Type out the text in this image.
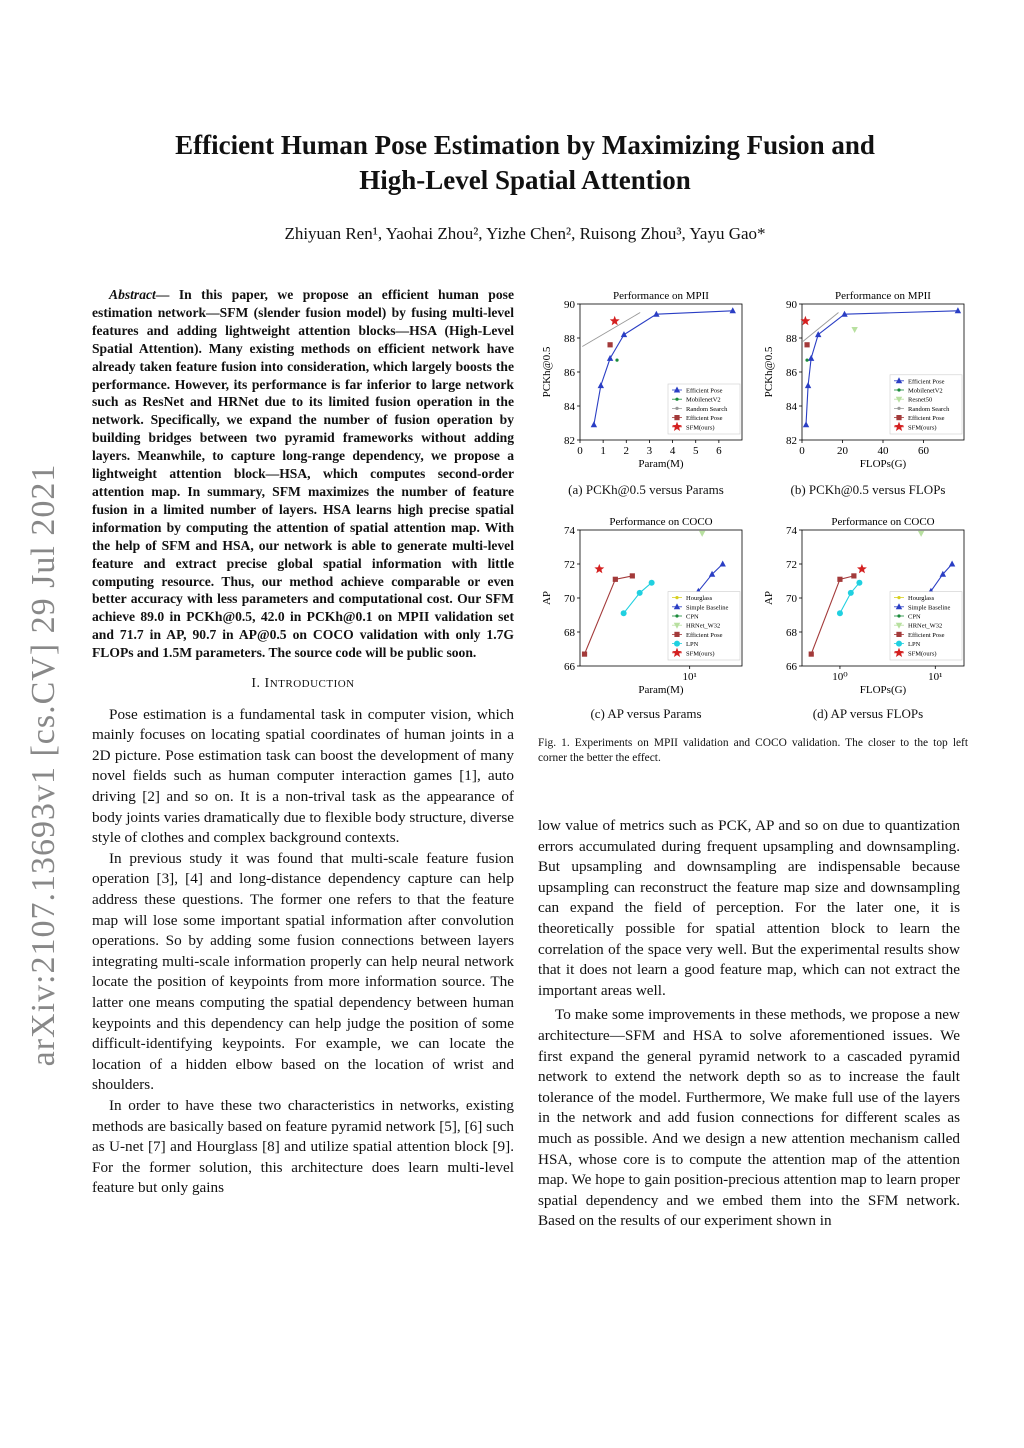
arXiv:2107.13693v1 [cs.CV] 29 Jul 2021
Efficient Human Pose Estimation by Maximizing Fusion and
High-Level Spatial Attention
Zhiyuan Ren¹, Yaohai Zhou², Yizhe Chen², Ruisong Zhou³, Yayu Gao*

Abstract— In this paper, we propose an efficient human pose estimation network—SFM (slender fusion model) by fusing multi-level features and adding lightweight attention blocks—HSA (High-Level Spatial Attention). Many existing methods on efficient network have already taken feature fusion into consideration, which largely boosts the performance. However, its performance is far inferior to large network such as ResNet and HRNet due to its limited fusion operation in the network. Specifically, we expand the number of fusion operation by building bridges between two pyramid frameworks without adding layers. Meanwhile, to capture long-range dependency, we propose a lightweight attention block—HSA, which computes second-order attention map. In summary, SFM maximizes the number of feature fusion in a limited number of layers. HSA learns high precise spatial information by computing the attention of spatial attention map. With the help of SFM and HSA, our network is able to generate multi-level feature and extract precise global spatial information with little computing resource. Thus, our method achieve comparable or even better accuracy with less parameters and computational cost. Our SFM achieve 89.0 in PCKh@0.5, 42.0 in PCKh@0.1 on MPII validation set and 71.7 in AP, 90.7 in AP@0.5 on COCO validation with only 1.7G FLOPs and 1.5M parameters. The source code will be public soon.

I. INTRODUCTION

Pose estimation is a fundamental task in computer vision, which mainly focuses on locating spatial coordinates of human joints in a 2D picture. Pose estimation task can boost the development of many novel fields such as human computer interaction games [1], auto driving [2] and so on. It is a non-trival task as the appearance of body joints varies dramatically due to flexible body structure, diverse style of clothes and complex background contexts.

In previous study it was found that multi-scale feature fusion operation [3], [4] and long-distance dependency capture can help address these questions. The former one refers to that the feature map will lose some important spatial information after convolution operations. So by adding some fusion connections between layers integrating multi-scale information properly can help neural network locate the position of keypoints from more information source. The latter one means computing the spatial dependency between human keypoints and this dependency can help judge the position of some difficult-identifying keypoints. For example, we can locate the location of a hidden elbow based on the location of wrist and shoulders.

In order to have these two characteristics in networks, existing methods are basically based on feature pyramid network [5], [6] such as U-net [7] and Hourglass [8] and utilize spatial attention block [9]. For the former solution, this architecture does learn multi-level feature but only gains

low value of metrics such as PCK, AP and so on due to quantization errors accumulated during frequent upsampling and downsampling. But upsampling and downsampling are indispensable because upsampling can reconstruct the feature map size and downsampling can expand the field of perception. For the later one, it is theoretically possible for spatial attention block to learn the correlation of the space very well. But the experimental results show that it does not learn a good feature map, which can not extract the important areas well.

To make some improvements in these methods, we propose a new architecture—SFM and HSA to solve aforementioned issues. We first expand the general pyramid network to a cascaded pyramid network to extend the network depth so as to increase the fault tolerance of the model. Furthermore, We make full use of the layers in the network and add fusion connections for different scales as much as possible. And we design a new attention mechanism called HSA, whose core is to compute the attention map of the attention map. We hope to gain position-precious attention map to learn proper spatial dependency and we embed them into the SFM network. Based on the results of our experiment shown in

Performance on MPII
82
84
86
88
90
0 1 2 3 4 5 6
Param(M)
PCKh@0.5	Efficient Pose
MobilenetV2
Random Search
Efficient Pose
SFM(ours)
Performance on MPII
82
84
86
88
90
0	20	40	60
FLOPs(G)
PCKh@0.5	Efficient Pose
MobilenetV2
Resnet50
Random Search
Efficient Pose
SFM(ours)
Performance on COCO
66
68
70
72
74
10¹
Param(M)
AP	Hourglass
Simple Baseline
CPN
HRNet_W32
Efficient Pose
LPN
SFM(ours)
Performance on COCO
66
68
70
72
74
10⁰	10¹
FLOPs(G)
AP	Hourglass
Simple Baseline
CPN
HRNet_W32
Efficient Pose
LPN
SFM(ours)
(a) PCKh@0.5 versus Params	(b) PCKh@0.5 versus FLOPs
(c) AP versus Params	(d) AP versus FLOPs
Fig. 1. Experiments on MPII validation and COCO validation. The closer to the top left corner the better the effect.
